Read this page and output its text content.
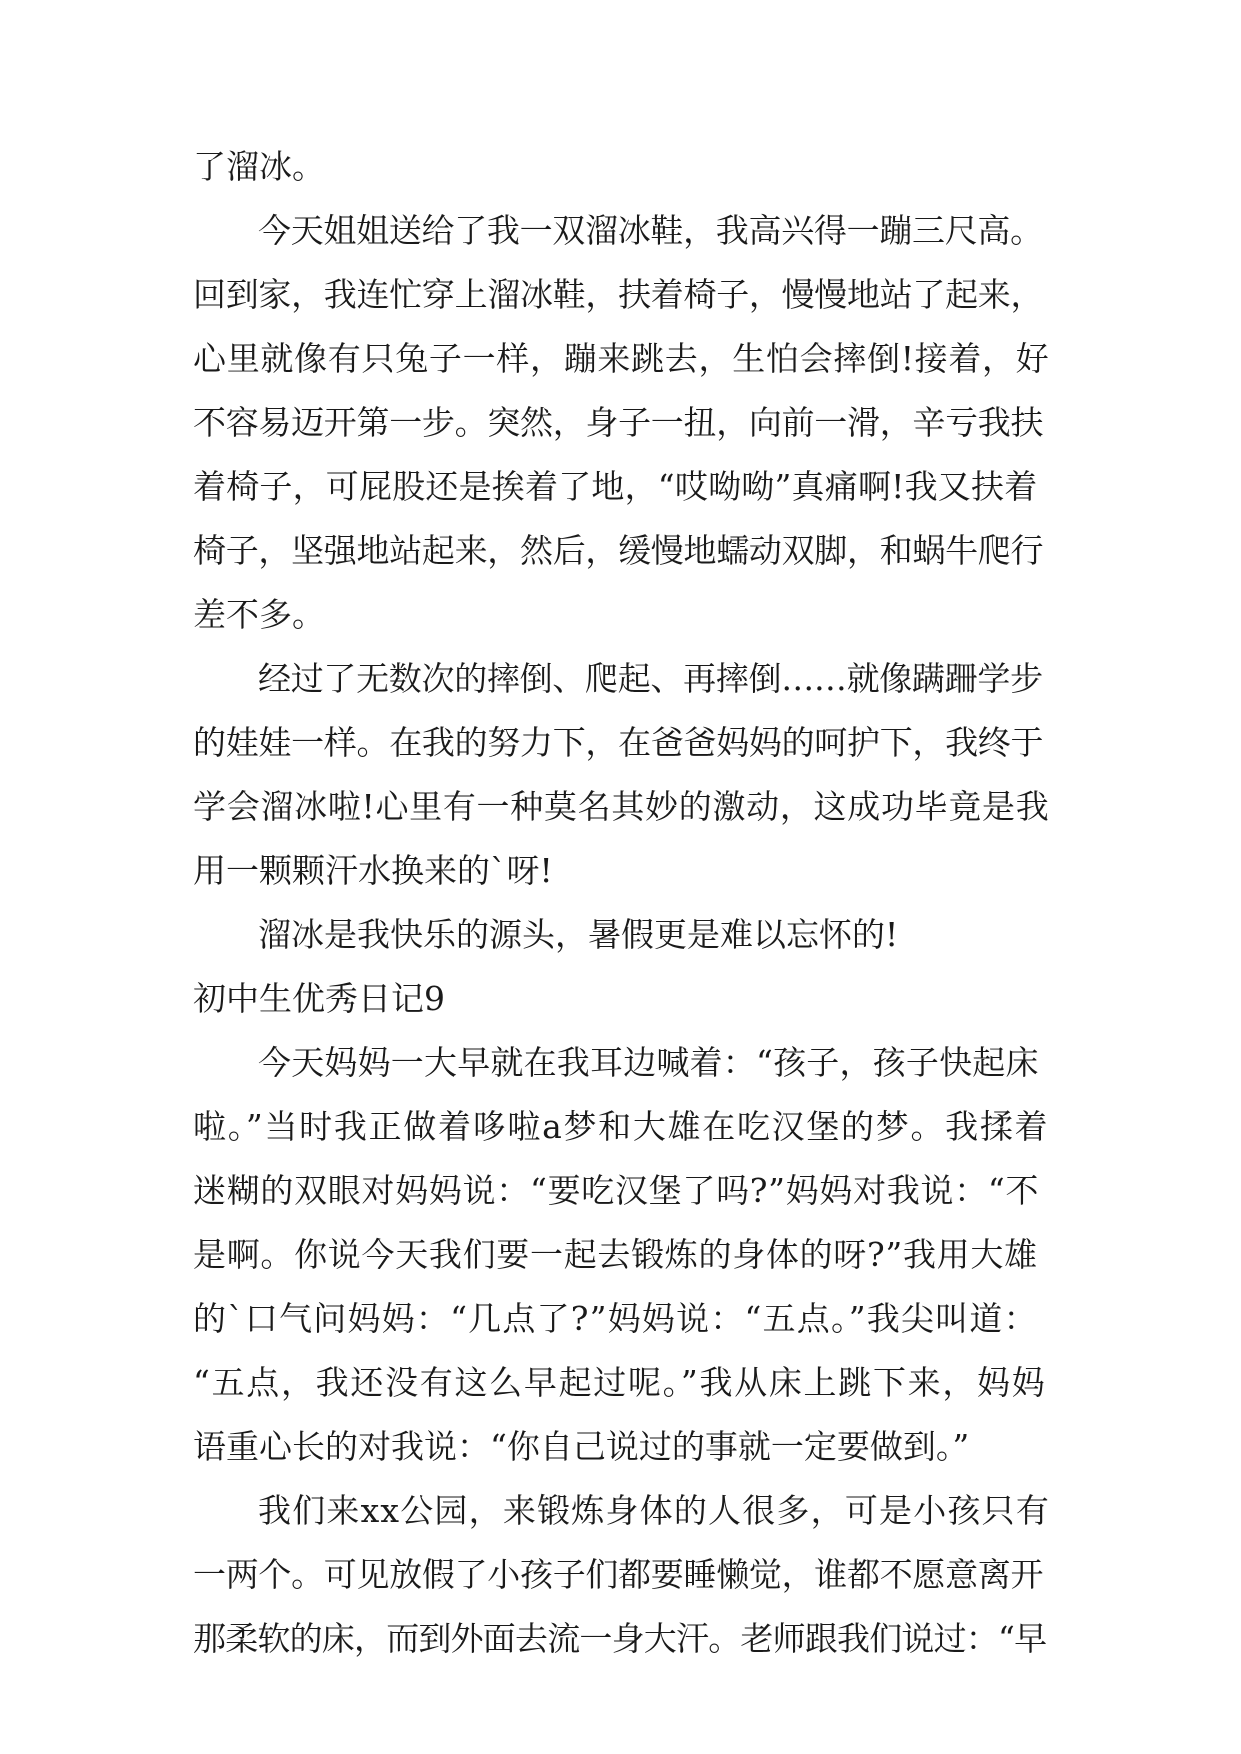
了溜冰。
今天姐姐送给了我一双溜冰鞋，我高兴得一蹦三尺高。
回到家，我连忙穿上溜冰鞋，扶着椅子，慢慢地站了起来，
心里就像有只兔子一样，蹦来跳去，生怕会摔倒!接着，好
不容易迈开第一步。突然，身子一扭，向前一滑，辛亏我扶
着椅子，可屁股还是挨着了地，“哎呦呦”真痛啊!我又扶着
椅子，坚强地站起来，然后，缓慢地蠕动双脚，和蜗牛爬行
差不多。
经过了无数次的摔倒、爬起、再摔倒……就像蹒跚学步
的娃娃一样。在我的努力下，在爸爸妈妈的呵护下，我终于
学会溜冰啦!心里有一种莫名其妙的激动，这成功毕竟是我
用一颗颗汗水换来的`呀!
溜冰是我快乐的源头，暑假更是难以忘怀的!
初中生优秀日记9
今天妈妈一大早就在我耳边喊着：“孩子，孩子快起床
啦。”当时我正做着哆啦a梦和大雄在吃汉堡的梦。我揉着
迷糊的双眼对妈妈说：“要吃汉堡了吗?”妈妈对我说：“不
是啊。你说今天我们要一起去锻炼的身体的呀?”我用大雄
的`口气问妈妈：“几点了?”妈妈说：“五点。”我尖叫道：
“五点，我还没有这么早起过呢。”我从床上跳下来，妈妈
语重心长的对我说：“你自己说过的事就一定要做到。”
我们来xx公园，来锻炼身体的人很多，可是小孩只有
一两个。可见放假了小孩子们都要睡懒觉，谁都不愿意离开
那柔软的床，而到外面去流一身大汗。老师跟我们说过：“早
